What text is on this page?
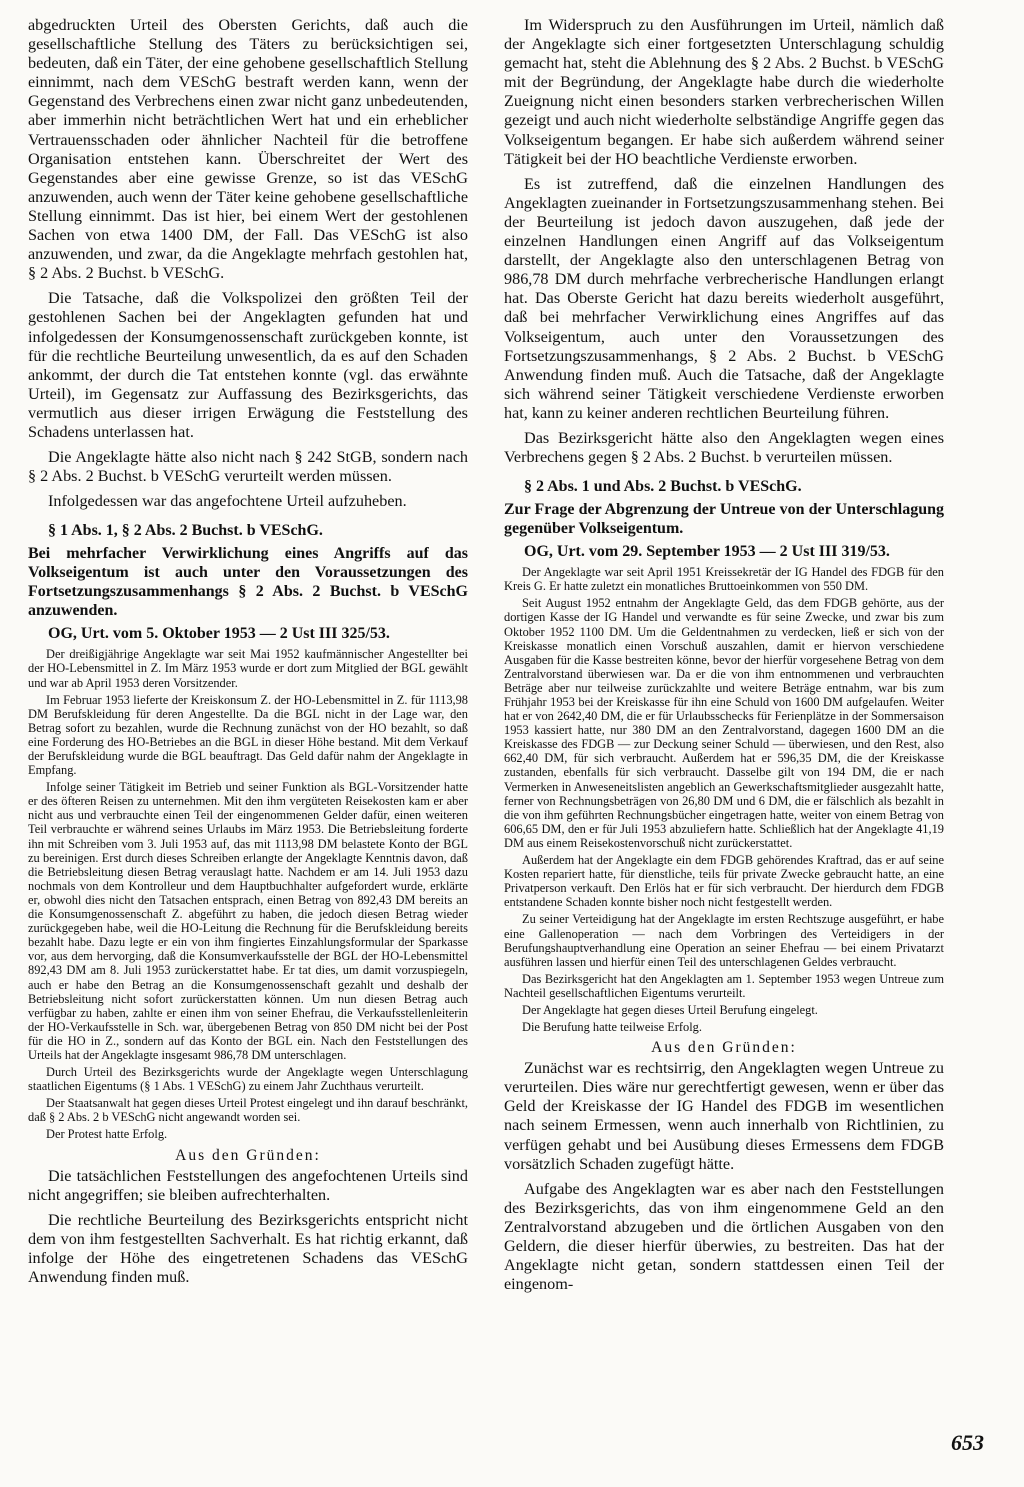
abgedruckten Urteil des Obersten Gerichts, daß auch die gesellschaftliche Stellung des Täters zu berücksichtigen sei, bedeuten, daß ein Täter, der eine gehobene gesellschaftlich Stellung einnimmt, nach dem VESchG bestraft werden kann, wenn der Gegenstand des Verbrechens einen zwar nicht ganz unbedeutenden, aber immerhin nicht beträchtlichen Wert hat und ein erheblicher Vertrauensschaden oder ähnlicher Nachteil für die betroffene Organisation entstehen kann. Überschreitet der Wert des Gegenstandes aber eine gewisse Grenze, so ist das VESchG anzuwenden, auch wenn der Täter keine gehobene gesellschaftliche Stellung einnimmt. Das ist hier, bei einem Wert der gestohlenen Sachen von etwa 1400 DM, der Fall. Das VESchG ist also anzuwenden, und zwar, da die Angeklagte mehrfach gestohlen hat, § 2 Abs. 2 Buchst. b VESchG.

Die Tatsache, daß die Volkspolizei den größten Teil der gestohlenen Sachen bei der Angeklagten gefunden hat und infolgedessen der Konsumgenossenschaft zurückgeben konnte, ist für die rechtliche Beurteilung unwesentlich, da es auf den Schaden ankommt, der durch die Tat entstehen konnte (vgl. das erwähnte Urteil), im Gegensatz zur Auffassung des Bezirksgerichts, das vermutlich aus dieser irrigen Erwägung die Feststellung des Schadens unterlassen hat.

Die Angeklagte hätte also nicht nach § 242 StGB, sondern nach § 2 Abs. 2 Buchst. b VESchG verurteilt werden müssen.

Infolgedessen war das angefochtene Urteil aufzuheben.

§ 1 Abs. 1, § 2 Abs. 2 Buchst. b VESchG.
Bei mehrfacher Verwirklichung eines Angriffs auf das Volkseigentum ist auch unter den Voraussetzungen des Fortsetzungszusammenhangs § 2 Abs. 2 Buchst. b VESchG anzuwenden.
OG, Urt. vom 5. Oktober 1953 — 2 Ust III 325/53.

Der dreißigjährige Angeklagte war seit Mai 1952 kaufmännischer Angestellter bei der HO-Lebensmittel in Z. Im März 1953 wurde er dort zum Mitglied der BGL gewählt und war ab April 1953 deren Vorsitzender.

Im Februar 1953 lieferte der Kreiskonsum Z. der HO-Lebensmittel in Z. für 1113,98 DM Berufskleidung für deren Angestellte. Da die BGL nicht in der Lage war, den Betrag sofort zu bezahlen, wurde die Rechnung zunächst von der HO bezahlt, so daß eine Forderung des HO-Betriebes an die BGL in dieser Höhe bestand. Mit dem Verkauf der Berufskleidung wurde die BGL beauftragt. Das Geld dafür nahm der Angeklagte in Empfang.

Infolge seiner Tätigkeit im Betrieb und seiner Funktion als BGL-Vorsitzender hatte er des öfteren Reisen zu unternehmen. Mit den ihm vergüteten Reisekosten kam er aber nicht aus und verbrauchte einen Teil der eingenommenen Gelder dafür, einen weiteren Teil verbrauchte er während seines Urlaubs im März 1953. Die Betriebsleitung forderte ihn mit Schreiben vom 3. Juli 1953 auf, das mit 1113,98 DM belastete Konto der BGL zu bereinigen. Erst durch dieses Schreiben erlangte der Angeklagte Kenntnis davon, daß die Betriebsleitung diesen Betrag verauslagt hatte. Nachdem er am 14. Juli 1953 dazu nochmals von dem Kontrolleur und dem Hauptbuchhalter aufgefordert wurde, erklärte er, obwohl dies nicht den Tatsachen entsprach, einen Betrag von 892,43 DM bereits an die Konsumgenossenschaft Z. abgeführt zu haben, die jedoch diesen Betrag wieder zurückgegeben habe, weil die HO-Leitung die Rechnung für die Berufskleidung bereits bezahlt habe. Dazu legte er ein von ihm fingiertes Einzahlungsformular der Sparkasse vor, aus dem hervorging, daß die Konsumverkaufsstelle der BGL der HO-Lebensmittel 892,43 DM am 8. Juli 1953 zurückerstattet habe. Er tat dies, um damit vorzuspiegeln, auch er habe den Betrag an die Konsumgenossenschaft gezahlt und deshalb der Betriebsleitung nicht sofort zurückerstatten können. Um nun diesen Betrag auch verfügbar zu haben, zahlte er einen ihm von seiner Ehefrau, die Verkaufsstellenleiterin der HO-Verkaufsstelle in Sch. war, übergebenen Betrag von 850 DM nicht bei der Post für die HO in Z., sondern auf das Konto der BGL ein. Nach den Feststellungen des Urteils hat der Angeklagte insgesamt 986,78 DM unterschlagen.

Durch Urteil des Bezirksgerichts wurde der Angeklagte wegen Unterschlagung staatlichen Eigentums (§ 1 Abs. 1 VESchG) zu einem Jahr Zuchthaus verurteilt.

Der Staatsanwalt hat gegen dieses Urteil Protest eingelegt und ihn darauf beschränkt, daß § 2 Abs. 2 b VESchG nicht angewandt worden sei.

Der Protest hatte Erfolg.

Aus den Gründen:

Die tatsächlichen Feststellungen des angefochtenen Urteils sind nicht angegriffen; sie bleiben aufrechterhalten.

Die rechtliche Beurteilung des Bezirksgerichts entspricht nicht dem von ihm festgestellten Sachverhalt. Es hat richtig erkannt, daß infolge der Höhe des eingetretenen Schadens das VESchG Anwendung finden muß.

Im Widerspruch zu den Ausführungen im Urteil, nämlich daß der Angeklagte sich einer fortgesetzten Unterschlagung schuldig gemacht hat, steht die Ablehnung des § 2 Abs. 2 Buchst. b VESchG mit der Begründung, der Angeklagte habe durch die wiederholte Zueignung nicht einen besonders starken verbrecherischen Willen gezeigt und auch nicht wiederholte selbständige Angriffe gegen das Volkseigentum begangen. Er habe sich außerdem während seiner Tätigkeit bei der HO beachtliche Verdienste erworben.

Es ist zutreffend, daß die einzelnen Handlungen des Angeklagten zueinander in Fortsetzungszusammenhang stehen. Bei der Beurteilung ist jedoch davon auszugehen, daß jede der einzelnen Handlungen einen Angriff auf das Volkseigentum darstellt, der Angeklagte also den unterschlagenen Betrag von 986,78 DM durch mehrfache verbrecherische Handlungen erlangt hat. Das Oberste Gericht hat dazu bereits wiederholt ausgeführt, daß bei mehrfacher Verwirklichung eines Angriffes auf das Volkseigentum, auch unter den Voraussetzungen des Fortsetzungszusammenhangs, § 2 Abs. 2 Buchst. b VESchG Anwendung finden muß. Auch die Tatsache, daß der Angeklagte sich während seiner Tätigkeit verschiedene Verdienste erworben hat, kann zu keiner anderen rechtlichen Beurteilung führen.

Das Bezirksgericht hätte also den Angeklagten wegen eines Verbrechens gegen § 2 Abs. 2 Buchst. b verurteilen müssen.

§ 2 Abs. 1 und Abs. 2 Buchst. b VESchG.
Zur Frage der Abgrenzung der Untreue von der Unterschlagung gegenüber Volkseigentum.
OG, Urt. vom 29. September 1953 — 2 Ust III 319/53.

Der Angeklagte war seit April 1951 Kreissekretär der IG Handel des FDGB für den Kreis G. Er hatte zuletzt ein monatliches Bruttoeinkommen von 550 DM.

Seit August 1952 entnahm der Angeklagte Geld, das dem FDGB gehörte, aus der dortigen Kasse der IG Handel und verwandte es für seine Zwecke, und zwar bis zum Oktober 1952 1100 DM. Um die Geldentnahmen zu verdecken, ließ er sich von der Kreiskasse monatlich einen Vorschuß auszahlen, damit er hiervon verschiedene Ausgaben für die Kasse bestreiten könne, bevor der hierfür vorgesehene Betrag von dem Zentralvorstand überwiesen war. Da er die von ihm entnommenen und verbrauchten Beträge aber nur teilweise zurückzahlte und weitere Beträge entnahm, war bis zum Frühjahr 1953 bei der Kreiskasse für ihn eine Schuld von 1600 DM aufgelaufen. Weiter hat er von 2642,40 DM, die er für Urlaubsschecks für Ferienplätze in der Sommersaison 1953 kassiert hatte, nur 380 DM an den Zentralvorstand, dagegen 1600 DM an die Kreiskasse des FDGB — zur Deckung seiner Schuld — überwiesen, und den Rest, also 662,40 DM, für sich verbraucht. Außerdem hat er 596,35 DM, die der Kreiskasse zustanden, ebenfalls für sich verbraucht. Dasselbe gilt von 194 DM, die er nach Vermerken in Anweseneitslisten angeblich an Gewerkschaftsmitglieder ausgezahlt hatte, ferner von Rechnungsbeträgen von 26,80 DM und 6 DM, die er fälschlich als bezahlt in die von ihm geführten Rechnungsbücher eingetragen hatte, weiter von einem Betrag von 606,65 DM, den er für Juli 1953 abzuliefern hatte. Schließlich hat der Angeklagte 41,19 DM aus einem Reisekostenvorschuß nicht zurückerstattet.

Außerdem hat der Angeklagte ein dem FDGB gehörendes Kraftrad, das er auf seine Kosten repariert hatte, für dienstliche, teils für private Zwecke gebraucht hatte, an eine Privatperson verkauft. Den Erlös hat er für sich verbraucht. Der hierdurch dem FDGB entstandene Schaden konnte bisher noch nicht festgestellt werden.

Zu seiner Verteidigung hat der Angeklagte im ersten Rechtszuge ausgeführt, er habe eine Gallenoperation — nach dem Vorbringen des Verteidigers in der Berufungshauptverhandlung eine Operation an seiner Ehefrau — bei einem Privatarzt ausführen lassen und hierfür einen Teil des unterschlagenen Geldes verbraucht.

Das Bezirksgericht hat den Angeklagten am 1. September 1953 wegen Untreue zum Nachteil gesellschaftlichen Eigentums verurteilt.

Der Angeklagte hat gegen dieses Urteil Berufung eingelegt.

Die Berufung hatte teilweise Erfolg.

Aus den Gründen:

Zunächst war es rechtsirrig, den Angeklagten wegen Untreue zu verurteilen. Dies wäre nur gerechtfertigt gewesen, wenn er über das Geld der Kreiskasse der IG Handel des FDGB im wesentlichen nach seinem Ermessen, wenn auch innerhalb von Richtlinien, zu verfügen gehabt und bei Ausübung dieses Ermessens dem FDGB vorsätzlich Schaden zugefügt hätte.

Aufgabe des Angeklagten war es aber nach den Feststellungen des Bezirksgerichts, das von ihm eingenommene Geld an den Zentralvorstand abzugeben und die örtlichen Ausgaben von den Geldern, die dieser hierfür überwies, zu bestreiten. Das hat der Angeklagte nicht getan, sondern stattdessen einen Teil der eingenom-

653
